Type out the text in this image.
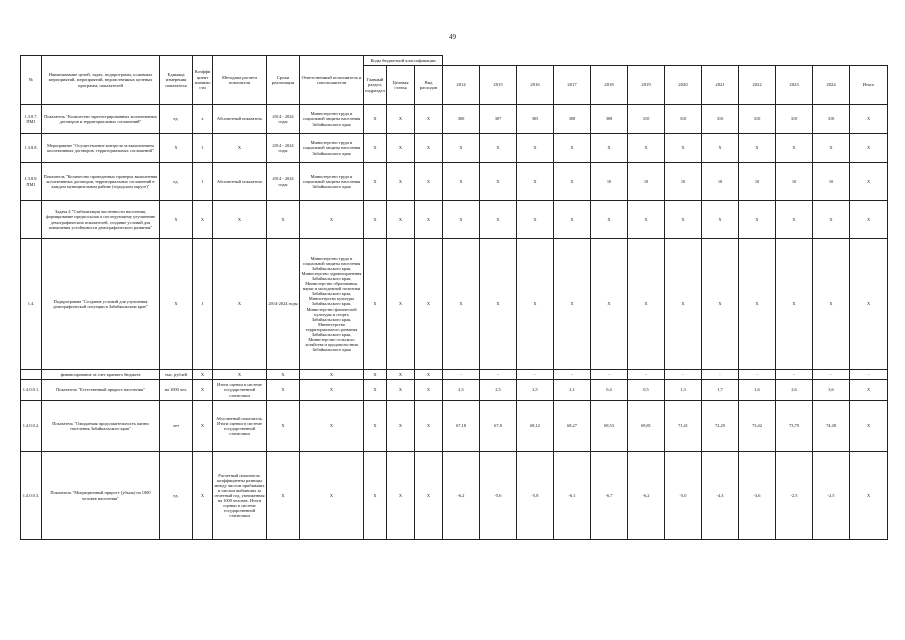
49
№	Наименование целей, задач, подпрограмм, основных мероприятий, мероприятий, ведомственных целевых программ, показателей	Единица измерения показателя	Коэффи циент значимо сти	Методика расчета показателя	Сроки реализации	Ответственный исполнитель и соисполнители	Коды бюджетной классификации														
							Главный раздел, подраздел	Целевая статья	Вид расходов	2014	2015	2016	2017	2018	2019	2020	2021	2022	2023	2024	Итого
1.3.8.7. ПМ1	Показатель "Количество зарегистрированных коллективных договоров и территориальных соглашений"	ед.	х	Абсолютный показатель	2014 - 2024 годы	Министерство труда и социальной защиты населения Забайкальского края	Х	Х	Х	300	307	305	308	308	310	310	310	310	310	310	Х
1.3.8.8.	Мероприятие "Осуществление контроля за выполнением коллективных договоров, территориальных соглашений"	Х	1	Х	2014 - 2024 годы	Министерство труда и социальной защиты населения Забайкальского края	Х	Х	Х	Х	Х	Х	Х	Х	Х	Х	Х	Х	Х	Х	Х
1.3.8.9. ПМ1	Показатель "Количество проведенных проверок выполнения коллективных договоров, территориальных соглашений в каждом муниципальном районе (городском округе)"	ед.	1	Абсолютный показатель	2014 - 2024 годы	Министерство труда и социальной защиты населения Забайкальского края	Х	Х	Х	Х	Х	Х	Х	10	10	10	10	10	10	10	Х
	Задача 4 "Стабилизация численности населения, формирование предпосылок к последующему улучшению демографических показателей, создание условий для повышения устойчивости демографического развития"	Х	Х	Х	Х	Х	Х	Х	Х	Х	Х	Х	Х	Х	Х	Х	Х	Х	Х	Х	Х
1.4.	Подпрограмма "Создание условий для улучшения демографической ситуации в Забайкальском крае"	Х	1	Х	2014-2024 годы	Министерство труда и социальной защиты населения Забайкальского края, Министерство здравоохранения Забайкальского края, Министерство образования, науки и молодежной политики Забайкальского края, Министерство культуры Забайкальского края, Министерство физической культуры и спорта Забайкальского края, Министерство территориального развития Забайкальского края, Министерство сельского хозяйства и продовольствия Забайкальского края	Х	Х	Х	Х	Х	Х	Х	Х	Х	Х	Х	Х	Х	Х	Х
	финансирование за счет краевого бюджета	тыс. рублей	Х	Х	Х	Х	Х	Х	Х	-	-	-	-	-	-	-	-	-	-	-	-
1.4.0.0.1.	Показатель "Естественный прирост населения"	на 1000 чел.	Х	Итоги оценки в системе государственной статистики	Х	Х	Х	Х	Х	2,5	2,5	2,5	2,1	0,4	0,5	1,3	1,7	1,6	2,6	3,6	Х
1.4.0.0.2.	Показатель "Ожидаемая продолжительность жизни населения Забайкальского края"	лет	Х	Абсолютный показатель. Итоги оценки в системе государственной статистики	Х	Х	Х	Х	Х	67,18	67,8	68,12	68,27	69,53	69,81	71,41	72,29	73,42	73,79	74,48	Х
1.4.0.0.3.	Показатель "Миграционный прирост (убыль) на 1000 человек населения"	ед.	Х	Расчетный показатель: коэффициенты разницы между числом прибывших и числом выбывших за отчетный год, умноженная на 1000 человек. Итоги оценки в системе государственной статистики	Х	Х	Х	Х	Х	-6,2	-5,6	-5,8	-6,1	-6,7	-6,2	-5,0	-4,3	-3,6	-2,5	-2,5	Х
